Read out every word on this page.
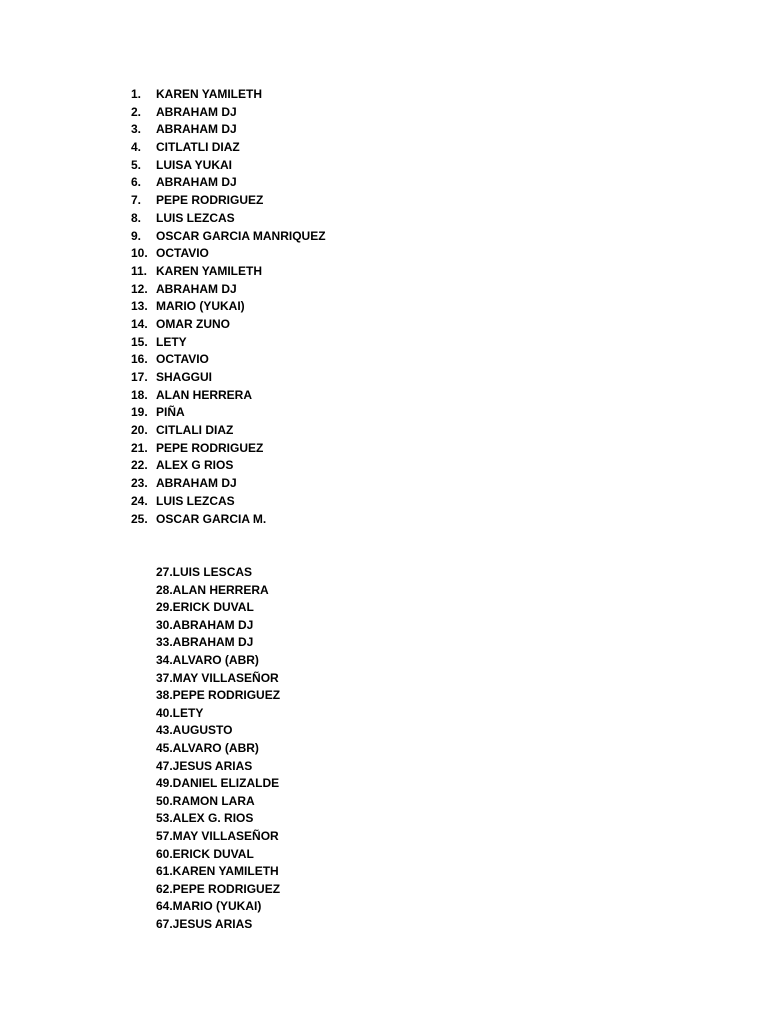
1.	KAREN YAMILETH
2.	ABRAHAM DJ
3.	ABRAHAM DJ
4.	CITLATLI DIAZ
5.	LUISA YUKAI
6.	ABRAHAM DJ
7.	PEPE RODRIGUEZ
8.	LUIS LEZCAS
9.	OSCAR GARCIA MANRIQUEZ
10. OCTAVIO
11. KAREN YAMILETH
12. ABRAHAM DJ
13. MARIO (YUKAI)
14. OMAR ZUNO
15. LETY
16. OCTAVIO
17. SHAGGUI
18. ALAN HERRERA
19. PIÑA
20. CITLALI DIAZ
21. PEPE RODRIGUEZ
22. ALEX G RIOS
23. ABRAHAM DJ
24. LUIS LEZCAS
25. OSCAR GARCIA M.
27.LUIS LESCAS
28.ALAN HERRERA
29.ERICK DUVAL
30.ABRAHAM DJ
33.ABRAHAM DJ
34.ALVARO (ABR)
37.MAY VILLASEÑOR
38.PEPE RODRIGUEZ
40.LETY
43.AUGUSTO
45.ALVARO (ABR)
47.JESUS ARIAS
49.DANIEL ELIZALDE
50.RAMON LARA
53.ALEX G. RIOS
57.MAY VILLASEÑOR
60.ERICK DUVAL
61.KAREN YAMILETH
62.PEPE RODRIGUEZ
64.MARIO (YUKAI)
67.JESUS ARIAS
